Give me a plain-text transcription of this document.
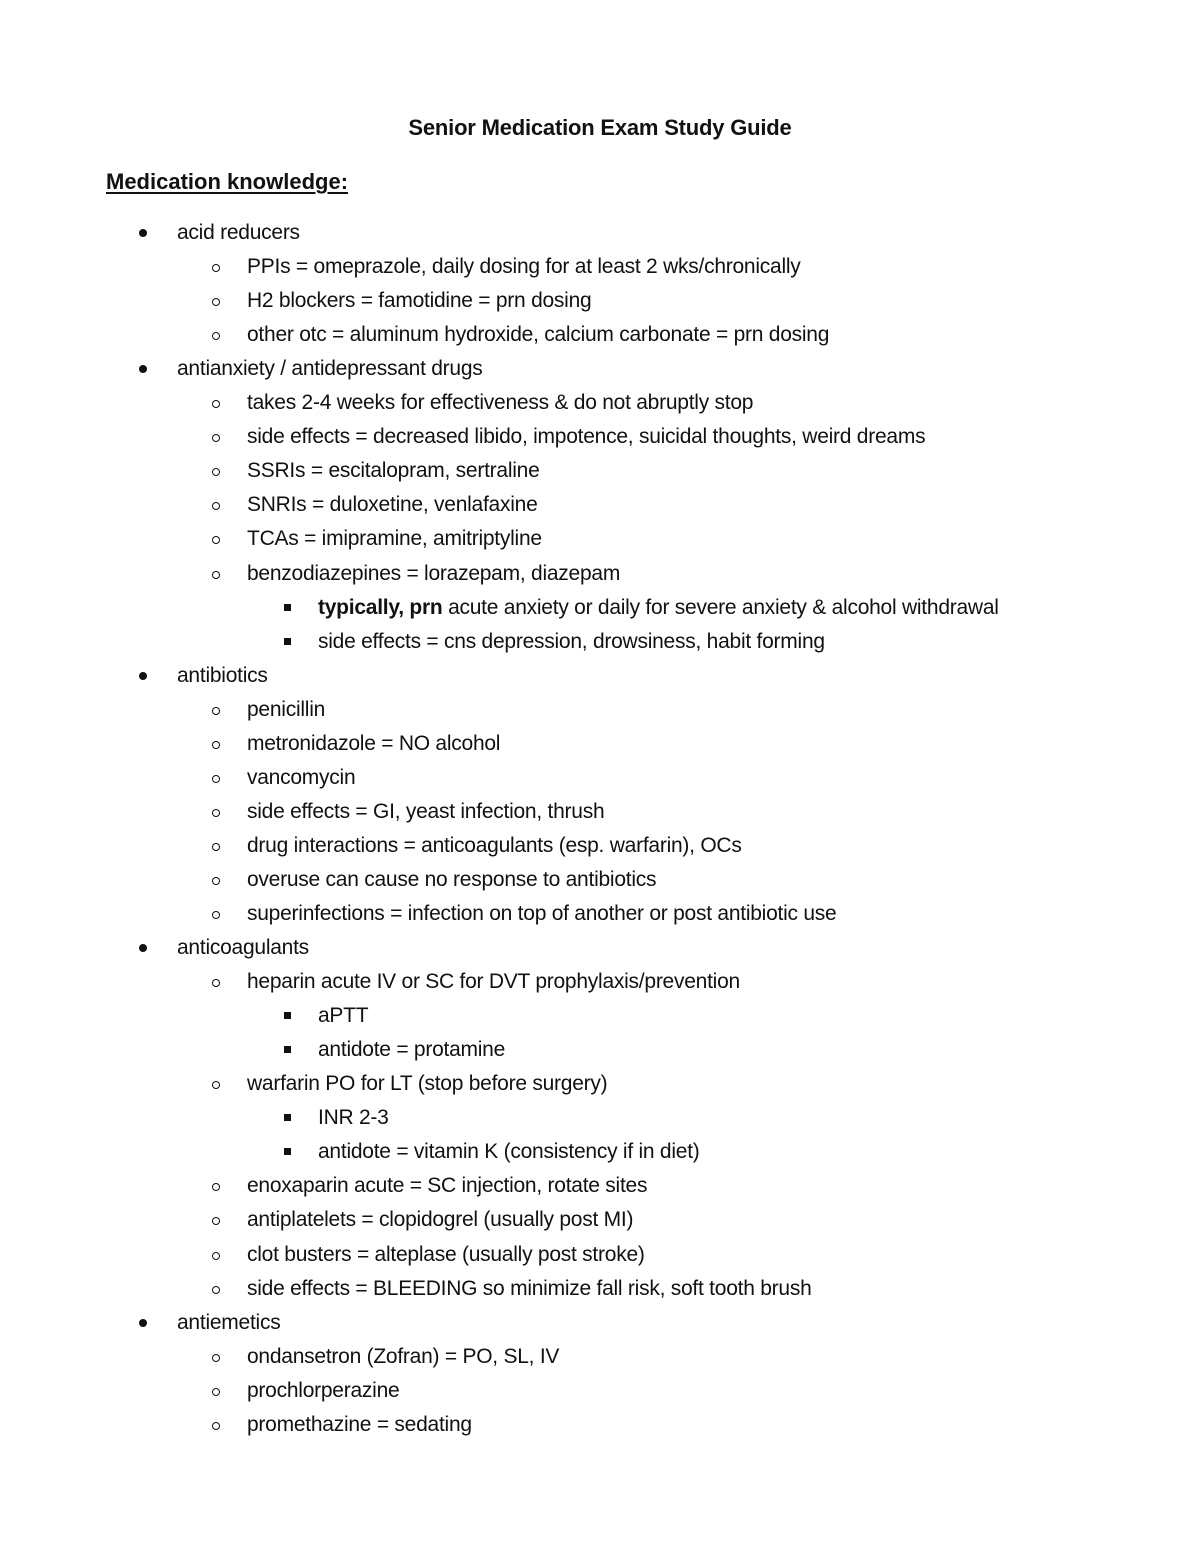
Senior Medication Exam Study Guide
Medication knowledge:
acid reducers
PPIs = omeprazole, daily dosing for at least 2 wks/chronically
H2 blockers = famotidine = prn dosing
other otc = aluminum hydroxide, calcium carbonate = prn dosing
antianxiety / antidepressant drugs
takes 2-4 weeks for effectiveness & do not abruptly stop
side effects = decreased libido, impotence, suicidal thoughts, weird dreams
SSRIs = escitalopram, sertraline
SNRIs = duloxetine, venlafaxine
TCAs = imipramine, amitriptyline
benzodiazepines = lorazepam, diazepam
typically, prn acute anxiety or daily for severe anxiety & alcohol withdrawal
side effects = cns depression, drowsiness, habit forming
antibiotics
penicillin
metronidazole = NO alcohol
vancomycin
side effects = GI, yeast infection, thrush
drug interactions = anticoagulants (esp. warfarin), OCs
overuse can cause no response to antibiotics
superinfections = infection on top of another or post antibiotic use
anticoagulants
heparin acute IV or SC for DVT prophylaxis/prevention
aPTT
antidote = protamine
warfarin PO for LT (stop before surgery)
INR 2-3
antidote = vitamin K (consistency if in diet)
enoxaparin acute = SC injection, rotate sites
antiplatelets = clopidogrel (usually post MI)
clot busters = alteplase (usually post stroke)
side effects = BLEEDING so minimize fall risk, soft tooth brush
antiemetics
ondansetron (Zofran) = PO, SL, IV
prochlorperazine
promethazine = sedating
